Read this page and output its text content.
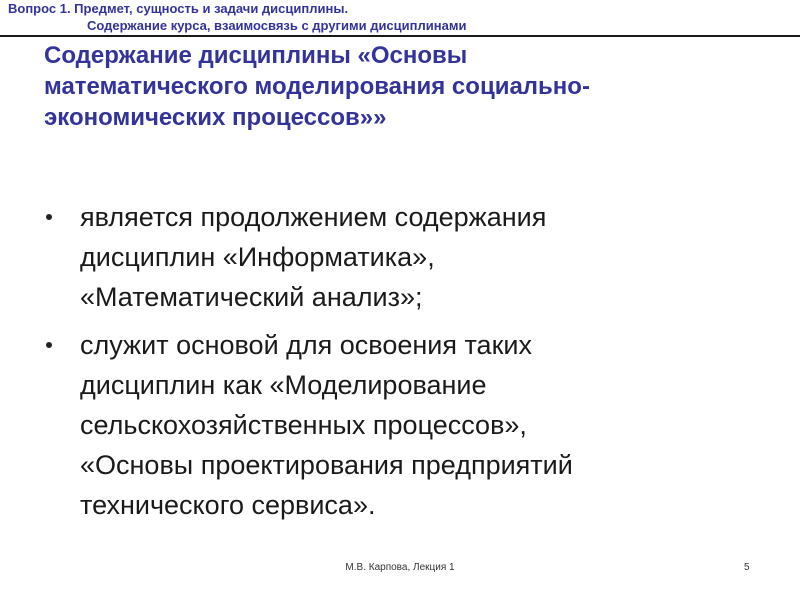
Вопрос 1. Предмет, сущность и задачи дисциплины.
Содержание курса, взаимосвязь с другими дисциплинами
Содержание дисциплины «Основы
математического моделирования социально-
экономических процессов»»
является продолжением содержания
дисциплин «Информатика»,
«Математический анализ»;
служит основой для освоения таких
дисциплин как «Моделирование
сельскохозяйственных процессов»,
«Основы проектирования предприятий
технического сервиса».
М.В. Карпова, Лекция 1	5
